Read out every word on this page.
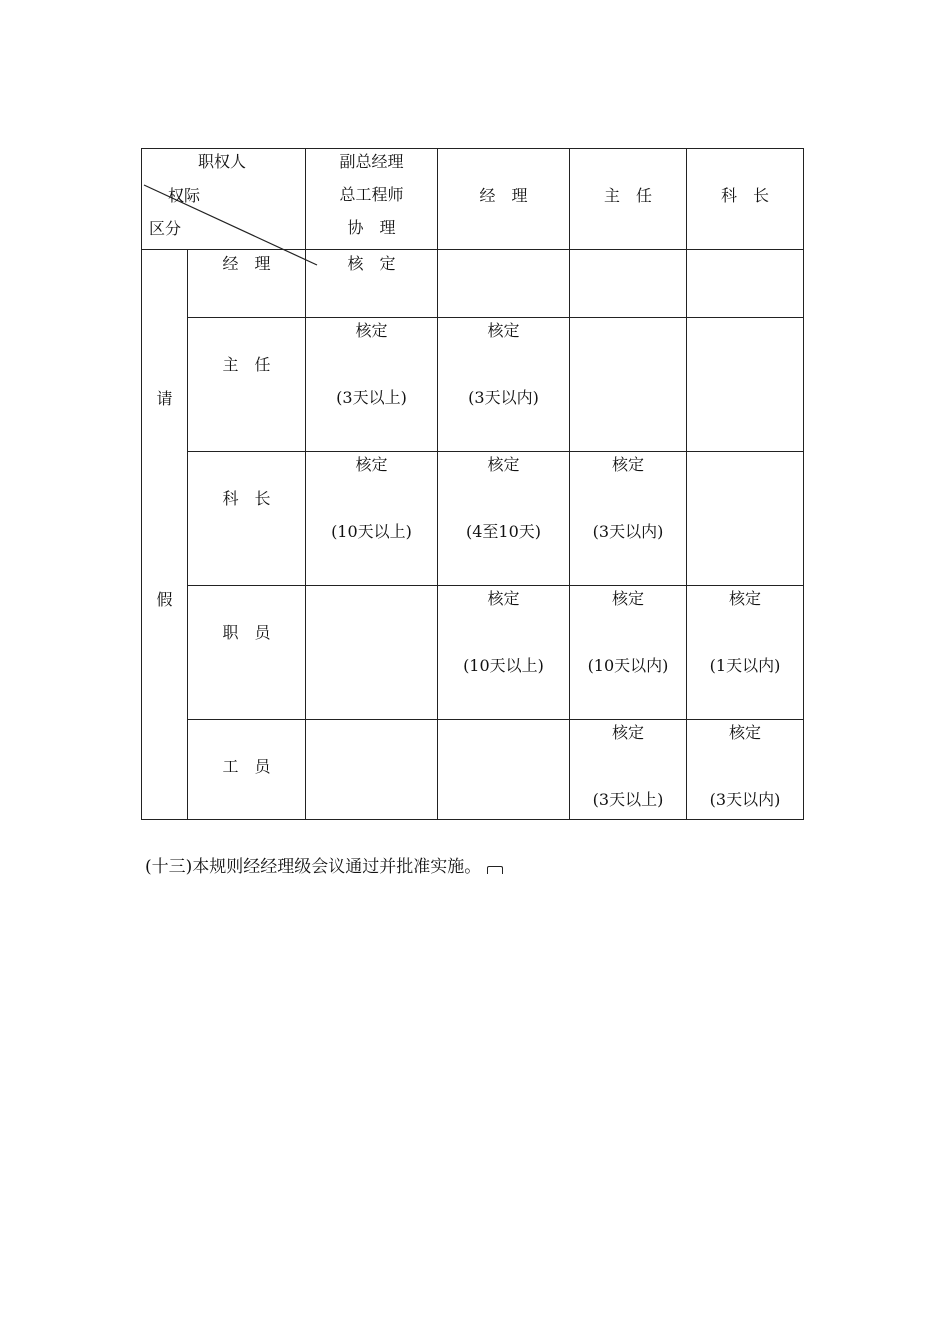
职权人
权际
区分
副总经理
总工程师
协　理
经　理	主　任	科　长
请
假
经　理
主　任
科　长
职　员
工　员
核　定
核定
(3天以上)
核定
(3天以内)
核定
(10天以上)
核定
(4至10天)
核定
(3天以内)
核定
(10天以上)
核定
(10天以内)
核定
(1天以内)
核定
(3天以上)
核定
(3天以内)
(十三)本规则经经理级会议通过并批准实施。
